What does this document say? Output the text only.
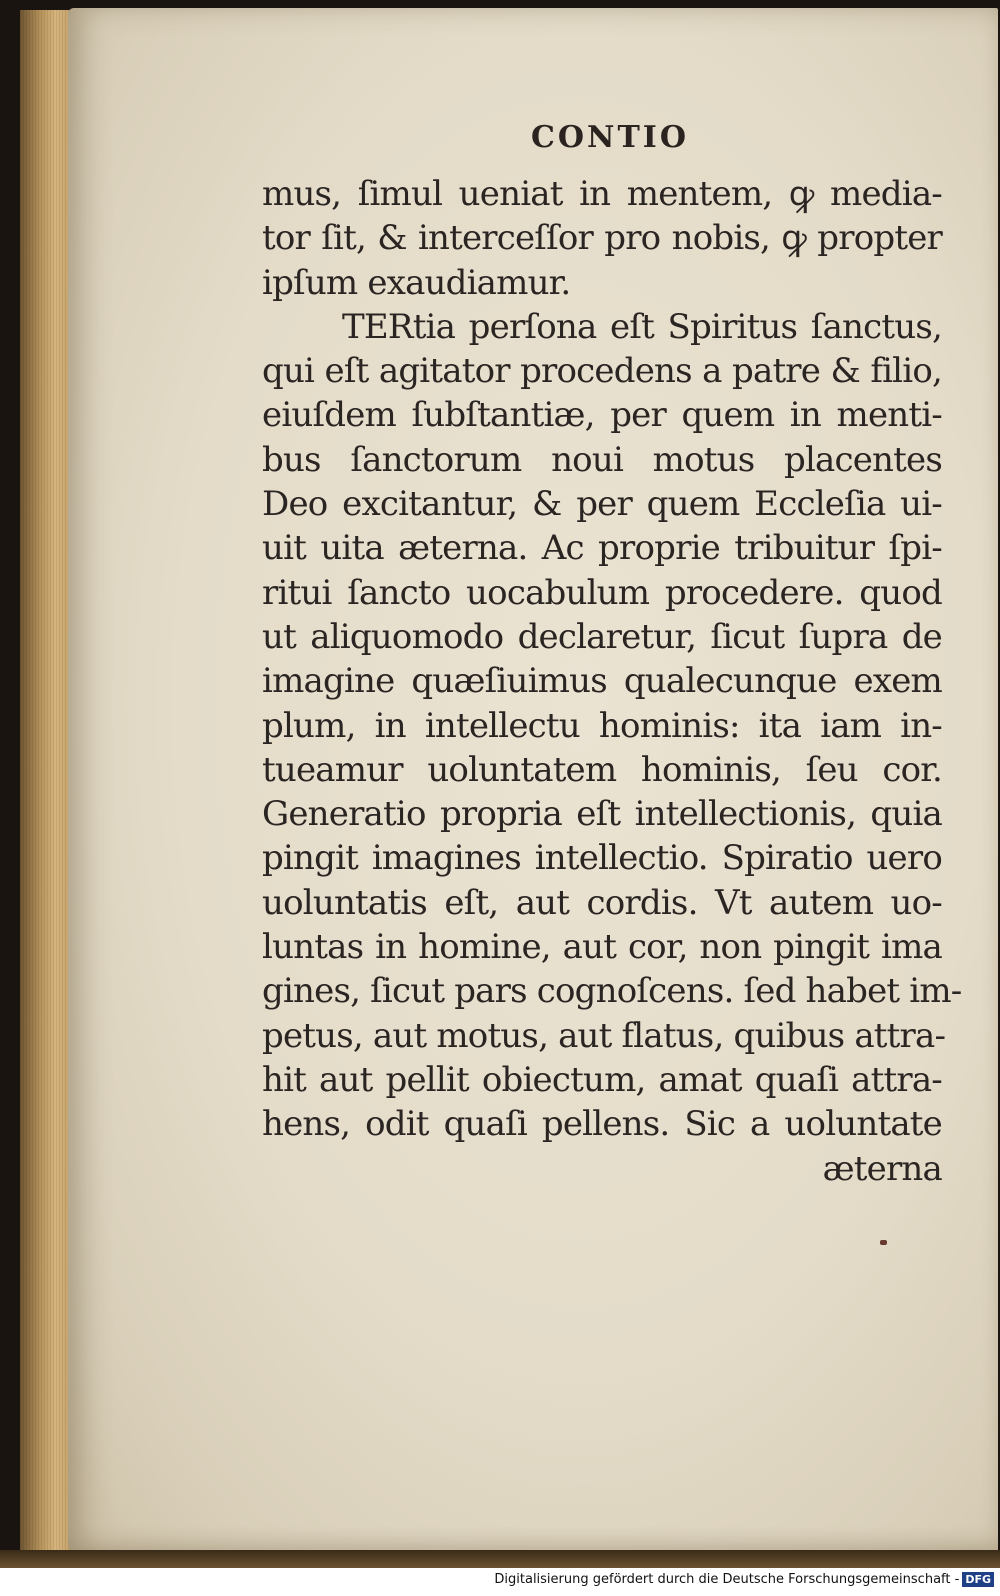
CONTIO
mus, ſimul ueniat in mentem, ꝙ media-
tor ſit, & interceſſor pro nobis, ꝙ propter
ipſum exaudiamur.
TERtia perſona eſt Spiritus ſanctus,
qui eſt agitator procedens a patre & filio,
eiuſdem ſubſtantiæ, per quem in menti-
bus ſanctorum noui motus placentes
Deo excitantur, & per quem Eccleſia ui-
uit uita æterna. Ac proprie tribuitur ſpi-
ritui ſancto uocabulum procedere. quod
ut aliquomodo declaretur, ſicut ſupra de
imagine quæſiuimus qualecunque exem
plum, in intellectu hominis: ita iam in-
tueamur uoluntatem hominis, ſeu cor.
Generatio propria eſt intellectionis, quia
pingit imagines intellectio. Spiratio uero
uoluntatis eſt, aut cordis. Vt autem uo-
luntas in homine, aut cor, non pingit ima
gines, ſicut pars cognoſcens. ſed habet im-
petus, aut motus, aut flatus, quibus attra-
hit aut pellit obiectum, amat quaſi attra-
hens, odit quaſi pellens. Sic a uoluntate
æterna
Digitalisierung gefördert durch die Deutsche Forschungsgemeinschaft - DFG
